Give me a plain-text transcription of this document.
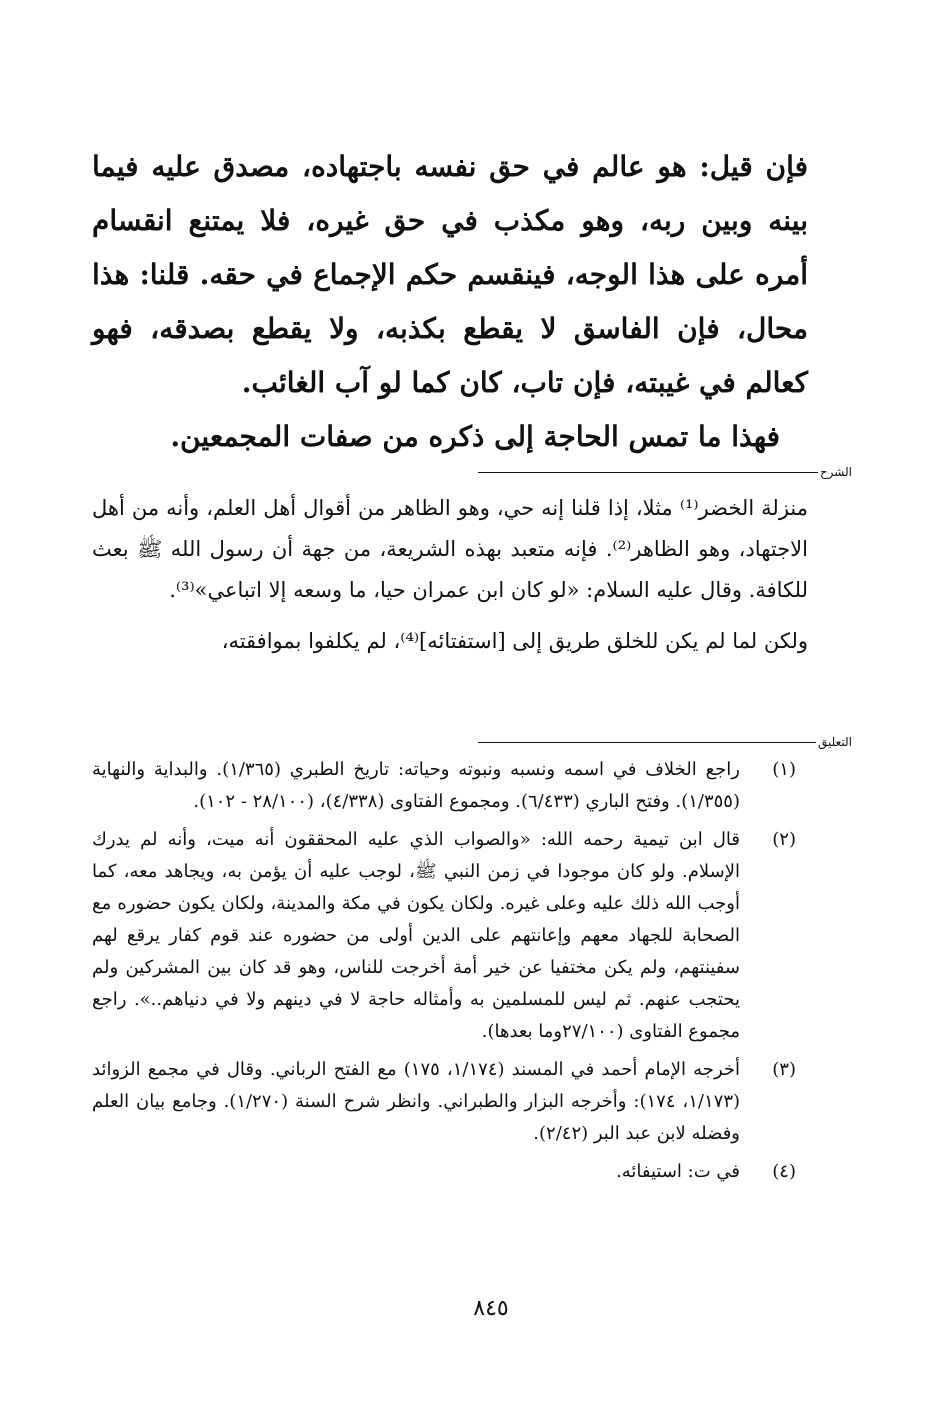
فإن قيل: هو عالم في حق نفسه باجتهاده، مصدق عليه فيما بينه وبين ربه، وهو مكذب في حق غيره، فلا يمتنع انقسام أمره على هذا الوجه، فينقسم حكم الإجماع في حقه. قلنا: هذا محال، فإن الفاسق لا يقطع بكذبه، ولا يقطع بصدقه، فهو كعالم في غيبته، فإن تاب، كان كما لو آب الغائب.

فهذا ما تمس الحاجة إلى ذكره من صفات المجمعين.

الشرح

منزلة الخضر⁽¹⁾ مثلا، إذا قلنا إنه حي، وهو الظاهر من أقوال أهل العلم، وأنه من أهل الاجتهاد، وهو الظاهر⁽²⁾. فإنه متعبد بهذه الشريعة، من جهة أن رسول الله ﷺ بعث للكافة. وقال عليه السلام: «لو كان ابن عمران حيا، ما وسعه إلا اتباعي»⁽³⁾.

ولكن لما لم يكن للخلق طريق إلى [استفتائه]⁽⁴⁾، لم يكلفوا بموافقته،

التعليق
(١)
راجع الخلاف في اسمه ونسبه ونبوته وحياته: تاريخ الطبري (١/٣٦٥). والبداية والنهاية (١/٣٥٥). وفتح الباري (٦/٤٣٣). ومجموع الفتاوى (٤/٣٣٨)، (٢٨/١٠٠ - ١٠٢).
(٢)
قال ابن تيمية رحمه الله: «والصواب الذي عليه المحققون أنه ميت، وأنه لم يدرك الإسلام. ولو كان موجودا في زمن النبي ﷺ، لوجب عليه أن يؤمن به، ويجاهد معه، كما أوجب الله ذلك عليه وعلى غيره. ولكان يكون في مكة والمدينة، ولكان يكون حضوره مع الصحابة للجهاد معهم وإعانتهم على الدين أولى من حضوره عند قوم كفار يرقع لهم سفينتهم، ولم يكن مختفيا عن خير أمة أخرجت للناس، وهو قد كان بين المشركين ولم يحتجب عنهم. ثم ليس للمسلمين به وأمثاله حاجة لا في دينهم ولا في دنياهم..». راجع مجموع الفتاوى (٢٧/١٠٠وما بعدها).
(٣)
أخرجه الإمام أحمد في المسند (١/١٧٤، ١٧٥) مع الفتح الرباني. وقال في مجمع الزوائد (١/١٧٣، ١٧٤): وأخرجه البزار والطبراني. وانظر شرح السنة (١/٢٧٠). وجامع بيان العلم وفضله لابن عبد البر (٢/٤٢).
(٤)
في ت: استيفائه.
٨٤٥
